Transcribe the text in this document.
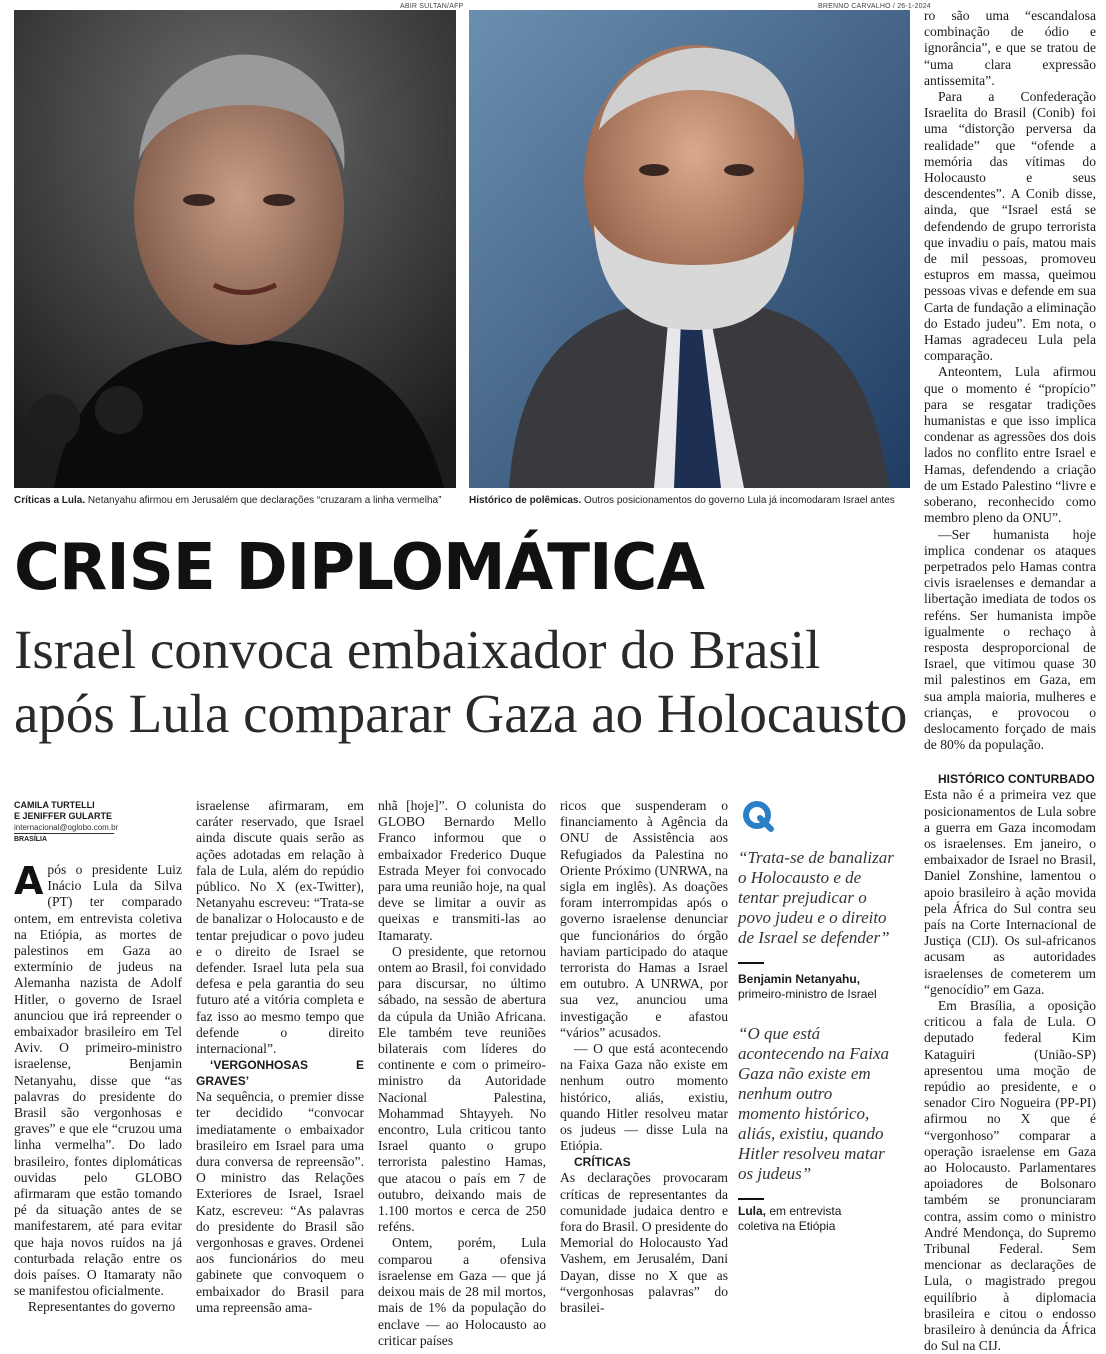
ABIR SULTAN/AFP	BRENNO CARVALHO / 26-1-2024
Críticas a Lula. Netanyahu afirmou em Jerusalém que declarações “cruzaram a linha vermelha”	Histórico de polêmicas. Outros posicionamentos do governo Lula já incomodaram Israel antes
CRISE DIPLOMÁTICA
Israel convoca embaixador do Brasil
após Lula comparar Gaza ao Holocausto
CAMILA TURTELLI
E JENIFFER GULARTE
internacional@oglobo.com.br
BRASÍLIA

Após o presidente Luiz Inácio Lula da Silva (PT) ter comparado ontem, em entrevista coletiva na Etiópia, as mortes de palestinos em Gaza ao extermínio de judeus na Alemanha nazista de Adolf Hitler, o governo de Israel anunciou que irá repreender o embaixador brasileiro em Tel Aviv. O primeiro-ministro israelense, Benjamin Netanyahu, disse que “as palavras do presidente do Brasil são vergonhosas e graves” e que ele “cruzou uma linha vermelha”. Do lado brasileiro, fontes diplomáticas ouvidas pelo GLOBO afirmaram que estão tomando pé da situação antes de se manifestarem, até para evitar que haja novos ruídos na já conturbada relação entre os dois países. O Itamaraty não se manifestou oficialmente.

Representantes do governo

israelense afirmaram, em caráter reservado, que Israel ainda discute quais serão as ações adotadas em relação à fala de Lula, além do repúdio público. No X (ex-Twitter), Netanyahu escreveu: “Trata-se de banalizar o Holocausto e de tentar prejudicar o povo judeu e o direito de Israel se defender. Israel luta pela sua defesa e pela garantia do seu futuro até a vitória completa e faz isso ao mesmo tempo que defende o direito internacional”.

‘VERGONHOSAS E GRAVES’

Na sequência, o premier disse ter decidido “convocar imediatamente o embaixador brasileiro em Israel para uma dura conversa de repreensão”. O ministro das Relações Exteriores de Israel, Israel Katz, escreveu: “As palavras do presidente do Brasil são vergonhosas e graves. Ordenei aos funcionários do meu gabinete que convoquem o embaixador do Brasil para uma repreensão ama-

nhã [hoje]”. O colunista do GLOBO Bernardo Mello Franco informou que o embaixador Frederico Duque Estrada Meyer foi convocado para uma reunião hoje, na qual deve se limitar a ouvir as queixas e transmiti-las ao Itamaraty.

O presidente, que retornou ontem ao Brasil, foi convidado para discursar, no último sábado, na sessão de abertura da cúpula da União Africana. Ele também teve reuniões bilaterais com líderes do continente e com o primeiro-ministro da Autoridade Nacional Palestina, Mohammad Shtayyeh. No encontro, Lula criticou tanto Israel quanto o grupo terrorista palestino Hamas, que atacou o país em 7 de outubro, deixando mais de 1.100 mortos e cerca de 250 reféns.

Ontem, porém, Lula comparou a ofensiva israelense em Gaza — que já deixou mais de 28 mil mortos, mais de 1% da população do enclave — ao Holocausto ao criticar países

ricos que suspenderam o financiamento à Agência da ONU de Assistência aos Refugiados da Palestina no Oriente Próximo (UNRWA, na sigla em inglês). As doações foram interrompidas após o governo israelense denunciar que funcionários do órgão haviam participado do ataque terrorista do Hamas a Israel em outubro. A UNRWA, por sua vez, anunciou uma investigação e afastou “vários” acusados.

— O que está acontecendo na Faixa Gaza não existe em nenhum outro momento histórico, aliás, existiu, quando Hitler resolveu matar os judeus — disse Lula na Etiópia.

CRÍTICAS

As declarações provocaram críticas de representantes da comunidade judaica dentro e fora do Brasil. O presidente do Memorial do Holocausto Yad Vashem, em Jerusalém, Dani Dayan, disse no X que as “vergonhosas palavras” do brasilei-

“Trata-se de banalizar o Holocausto e de tentar prejudicar o povo judeu e o direito de Israel se defender”
Benjamin Netanyahu,
primeiro-ministro de Israel
“O que está acontecendo na Faixa Gaza não existe em nenhum outro momento histórico, aliás, existiu, quando Hitler resolveu matar os judeus”
Lula, em entrevista coletiva na Etiópia

ro são uma “escandalosa combinação de ódio e ignorância”, e que se tratou de “uma clara expressão antissemita”.

Para a Confederação Israelita do Brasil (Conib) foi uma “distorção perversa da realidade” que “ofende a memória das vítimas do Holocausto e seus descendentes”. A Conib disse, ainda, que “Israel está se defendendo de grupo terrorista que invadiu o país, matou mais de mil pessoas, promoveu estupros em massa, queimou pessoas vivas e defende em sua Carta de fundação a eliminação do Estado judeu”. Em nota, o Hamas agradeceu Lula pela comparação.

Anteontem, Lula afirmou que o momento é “propício” para se resgatar tradições humanistas e que isso implica condenar as agressões dos dois lados no conflito entre Israel e Hamas, defendendo a criação de um Estado Palestino “livre e soberano, reconhecido como membro pleno da ONU”.

—Ser humanista hoje implica condenar os ataques perpetrados pelo Hamas contra civis israelenses e demandar a libertação imediata de todos os reféns. Ser humanista impõe igualmente o rechaço à resposta desproporcional de Israel, que vitimou quase 30 mil palestinos em Gaza, em sua ampla maioria, mulheres e crianças, e provocou o deslocamento forçado de mais de 80% da população.

HISTÓRICO CONTURBADO

Esta não é a primeira vez que posicionamentos de Lula sobre a guerra em Gaza incomodam os israelenses. Em janeiro, o embaixador de Israel no Brasil, Daniel Zonshine, lamentou o apoio brasileiro à ação movida pela África do Sul contra seu país na Corte Internacional de Justiça (CIJ). Os sul-africanos acusam as autoridades israelenses de cometerem um “genocídio” em Gaza.

Em Brasília, a oposição criticou a fala de Lula. O deputado federal Kim Kataguiri (União-SP) apresentou uma moção de repúdio ao presidente, e o senador Ciro Nogueira (PP-PI) afirmou no X que é “vergonhoso” comparar a operação israelense em Gaza ao Holocausto. Parlamentares apoiadores de Bolsonaro também se pronunciaram contra, assim como o ministro André Mendonça, do Supremo Tribunal Federal. Sem mencionar as declarações de Lula, o magistrado pregou equilíbrio à diplomacia brasileira e citou o endosso brasileiro à denúncia da África do Sul na CIJ.
